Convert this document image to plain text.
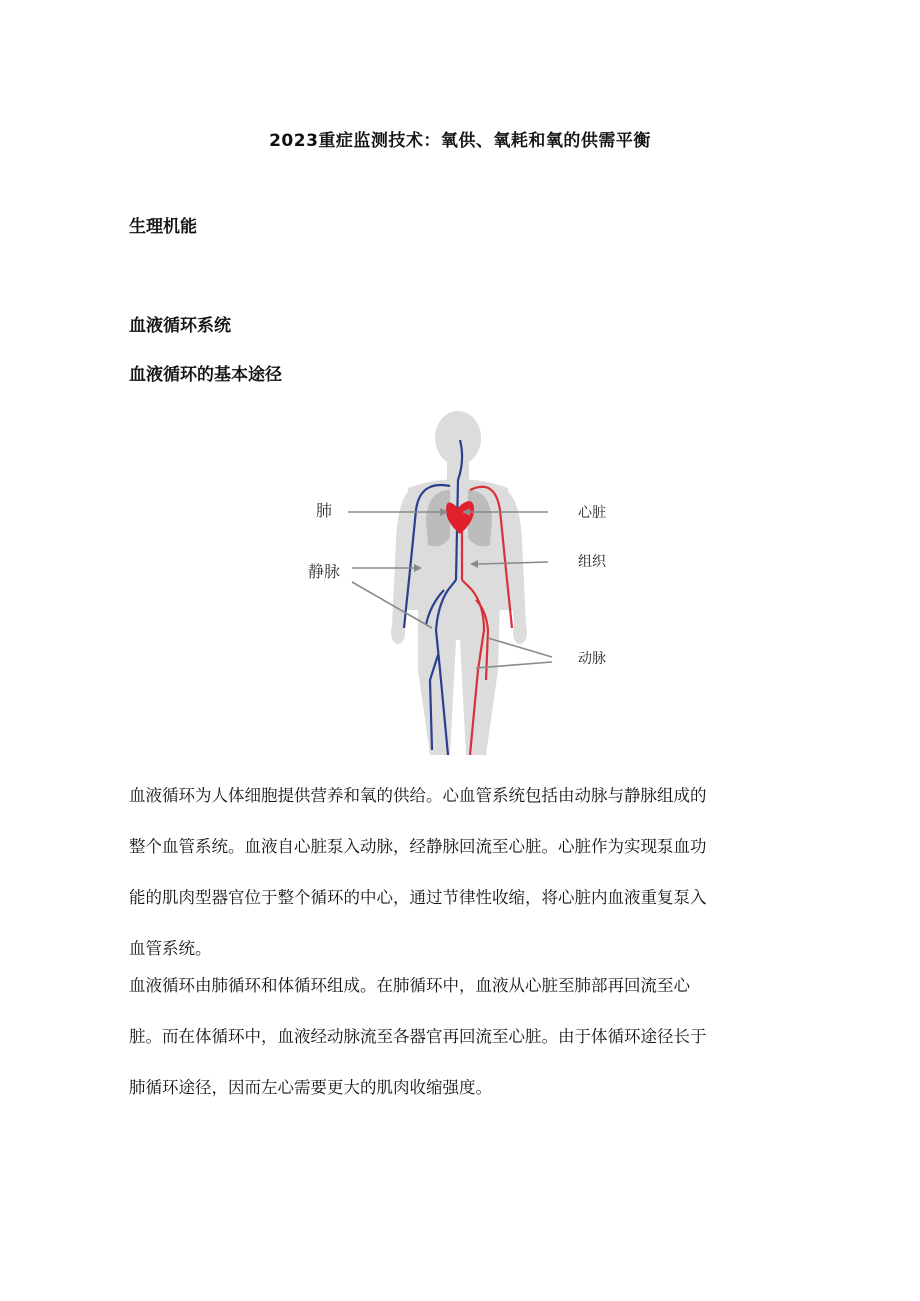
2023重症监测技术：氧供、氧耗和氧的供需平衡
生理机能
血液循环系统
血液循环的基本途径
肺
静脉
心脏
组织
动脉
血液循环为人体细胞提供营养和氧的供给。心血管系统包括由动脉与静脉组成的
整个血管系统。血液自心脏泵入动脉，经静脉回流至心脏。心脏作为实现泵血功
能的肌肉型器官位于整个循环的中心，通过节律性收缩，将心脏内血液重复泵入
血管系统。
血液循环由肺循环和体循环组成。在肺循环中，血液从心脏至肺部再回流至心
脏。而在体循环中，血液经动脉流至各器官再回流至心脏。由于体循环途径长于
肺循环途径，因而左心需要更大的肌肉收缩强度。
